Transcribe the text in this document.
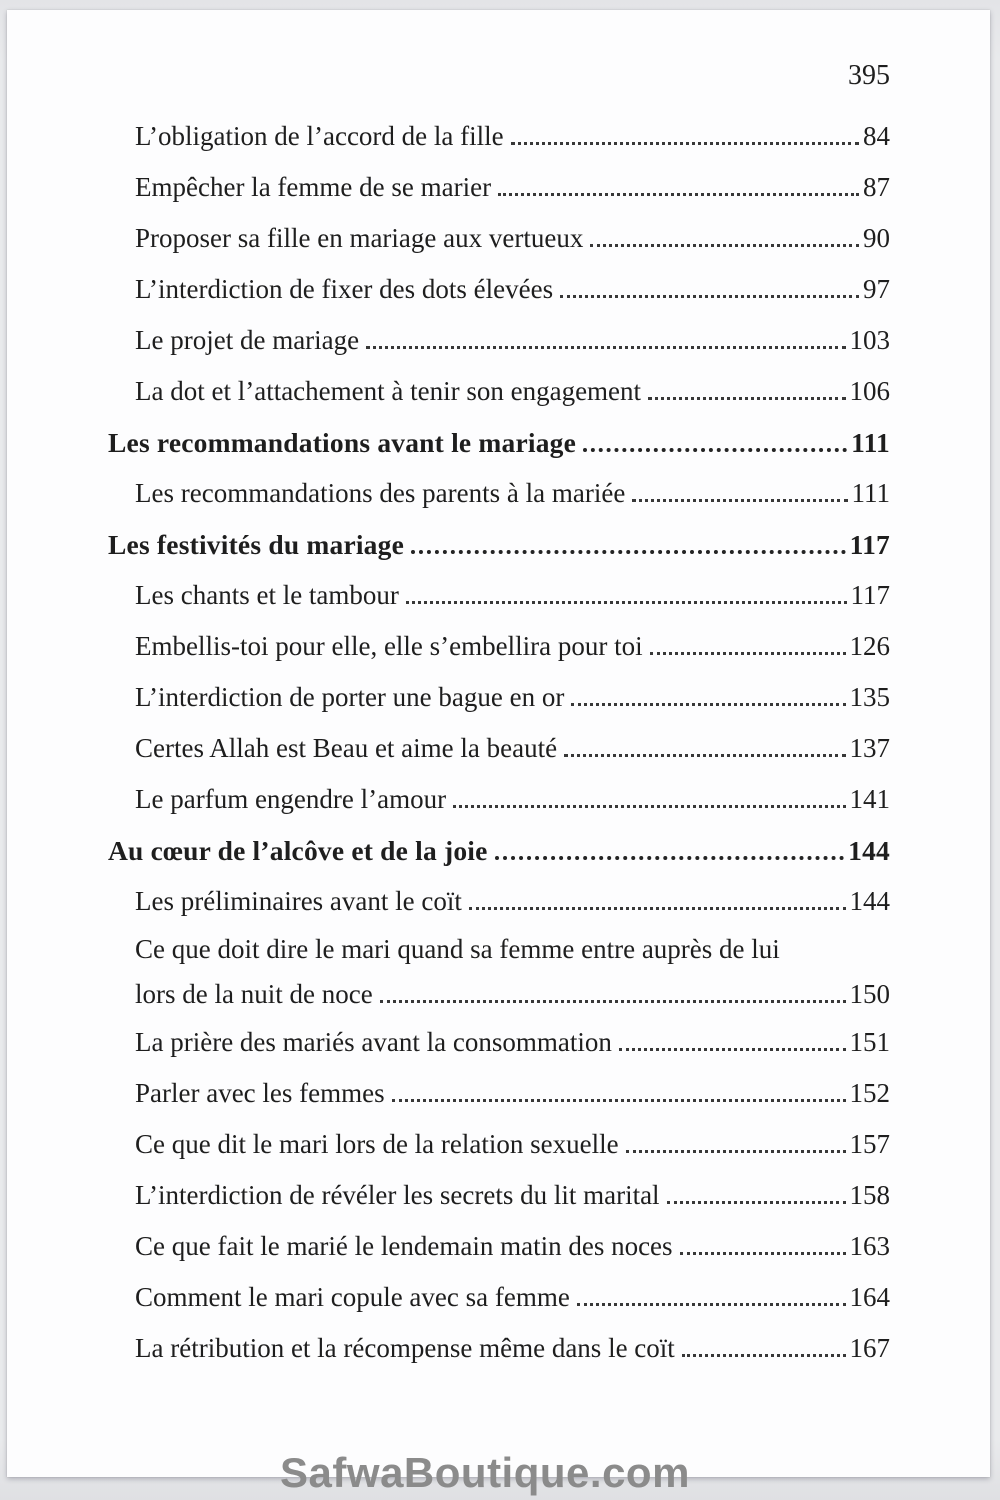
395
L’obligation de l’accord de la fille	84
Empêcher la femme de se marier	87
Proposer sa fille en mariage aux vertueux	90
L’interdiction de fixer des dots élevées	97
Le projet de mariage	103
La dot et l’attachement à tenir son engagement	106
Les recommandations avant le mariage	111
Les recommandations des parents à la mariée	111
Les festivités du mariage	117
Les chants et le tambour	117
Embellis-toi pour elle, elle s’embellira pour toi	126
L’interdiction de porter une bague en or	135
Certes Allah est Beau et aime la beauté	137
Le parfum engendre l’amour	141
Au cœur de l’alcôve et de la joie	144
Les préliminaires avant le coït	144
Ce que doit dire le mari quand sa femme entre auprès de lui
lors de la nuit de noce	150
La prière des mariés avant la consommation	151
Parler avec les femmes	152
Ce que dit le mari lors de la relation sexuelle	157
L’interdiction de révéler les secrets du lit marital	158
Ce que fait le marié le lendemain matin des noces	163
Comment le mari copule avec sa femme	164
La rétribution et la récompense même dans le coït	167
SafwaBoutique.com
